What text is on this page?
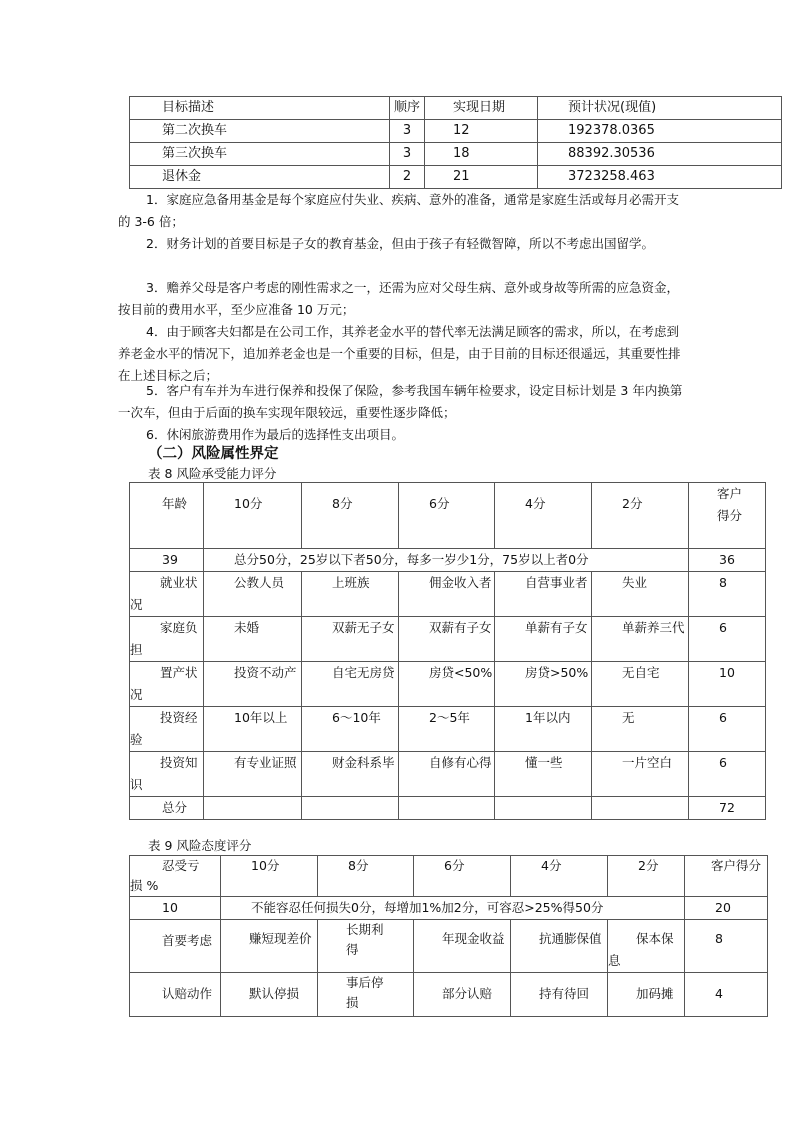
目标描述	顺序	实现日期	预计状况(现值)
第二次换车	3	12	192378.0365
第三次换车	3	18	88392.30536
退休金	2	21	3723258.463

1．家庭应急备用基金是每个家庭应付失业、疾病、意外的准备，通常是家庭生活或每月必需开支的 3-6 倍；

2．财务计划的首要目标是子女的教育基金，但由于孩子有轻微智障，所以不考虑出国留学。

3．赡养父母是客户考虑的刚性需求之一，还需为应对父母生病、意外或身故等所需的应急资金，按目前的费用水平，至少应准备 10 万元；

4．由于顾客夫妇都是在公司工作，其养老金水平的替代率无法满足顾客的需求，所以，在考虑到养老金水平的情况下，追加养老金也是一个重要的目标，但是，由于目前的目标还很遥远，其重要性排在上述目标之后；

5．客户有车并为车进行保养和投保了保险，参考我国车辆年检要求，设定目标计划是 3 年内换第一次车，但由于后面的换车实现年限较远，重要性逐步降低；

6．休闲旅游费用作为最后的选择性支出项目。

（二）风险属性界定
表 8 风险承受能力评分
年龄	10分	8分	6分	4分	2分	客户得分
39	总分50分，25岁以下者50分，每多一岁少1分，75岁以上者0分					36
就业状况	公教人员	上班族	佣金收入者	自营事业者	失业	8
家庭负担	未婚	双薪无子女	双薪有子女	单薪有子女	单薪养三代	6
置产状况	投资不动产	自宅无房贷	房贷<50%	房贷>50%	无自宅	10
投资经验	10年以上	6～10年	2～5年	1年以内	无	6
投资知识	有专业证照	财金科系毕	自修有心得	懂一些	一片空白	6
总分						72
表 9 风险态度评分
忍受亏损 %	10分	8分	6分	4分	2分	客户得分
10	不能容忍任何损失0分，每增加1%加2分，可容忍>25%得50分					20
首要考虑	赚短现差价	长期利得	年现金收益	抗通膨保值	保本保息	8
认赔动作	默认停损	事后停损	部分认赔	持有待回	加码摊	4
